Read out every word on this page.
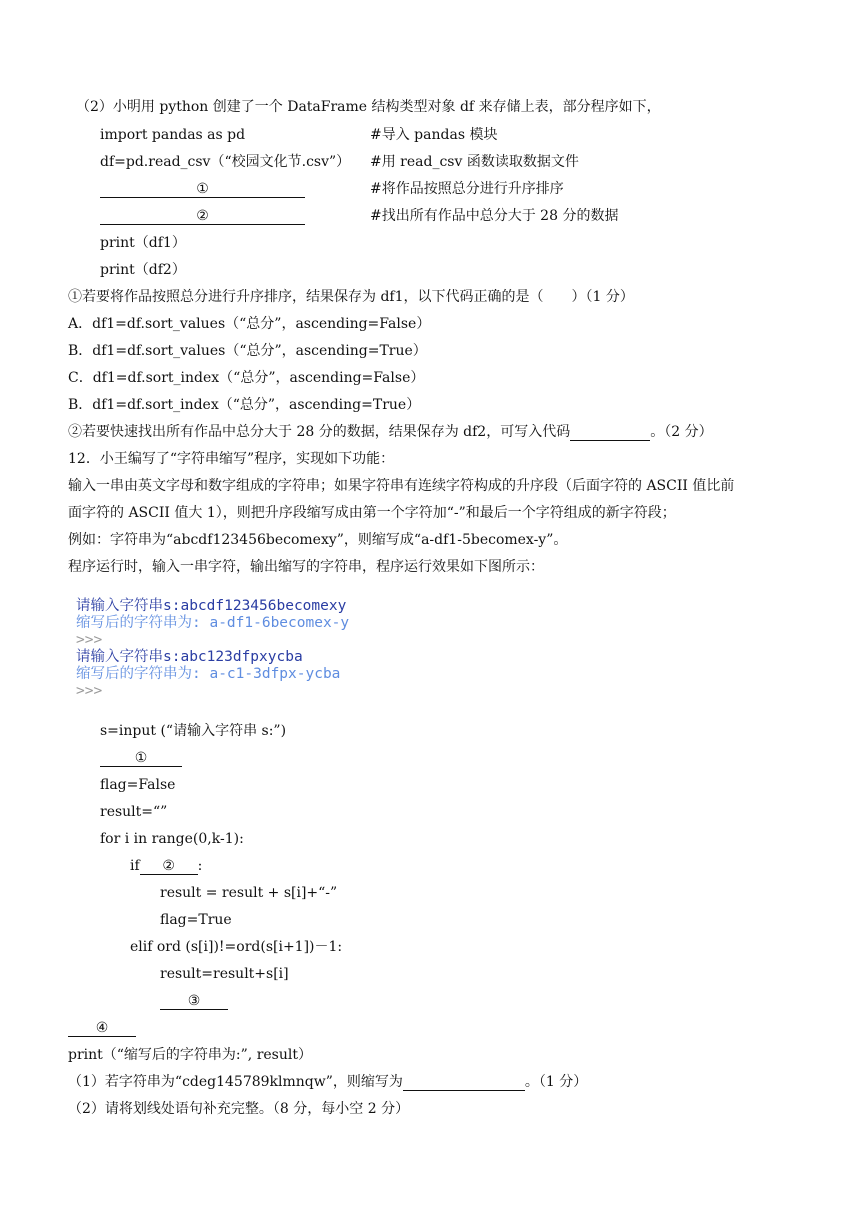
（2）小明用 python 创建了一个 DataFrame 结构类型对象 df 来存储上表，部分程序如下，
import pandas as pd	#导入 pandas 模块
df=pd.read_csv（“校园文化节.csv”） #用 read_csv 函数读取数据文件
①	#将作品按照总分进行升序排序
②	#找出所有作品中总分大于 28 分的数据
print（df1）
print（df2）
①若要将作品按照总分进行升序排序，结果保存为 df1，以下代码正确的是（　　）（1 分）
A．df1=df.sort_values（“总分”，ascending=False）
B．df1=df.sort_values（“总分”，ascending=True）
C．df1=df.sort_index（“总分”，ascending=False）
B．df1=df.sort_index（“总分”，ascending=True）
②若要快速找出所有作品中总分大于 28 分的数据，结果保存为 df2，可写入代码	。（2 分）
12．小王编写了“字符串缩写”程序，实现如下功能：
输入一串由英文字母和数字组成的字符串；如果字符串有连续字符构成的升序段（后面字符的 ASCII 值比前
面字符的 ASCII 值大 1），则把升序段缩写成由第一个字符加“-”和最后一个字符组成的新字符段；
例如：字符串为“abcdf123456becomexy”，则缩写成“a-df1-5becomex-y”。
程序运行时，输入一串字符，输出缩写的字符串，程序运行效果如下图所示：
请输入字符串s:abcdf123456becomexy
缩写后的字符串为: a-df1-6becomex-y
>>>
请输入字符串s:abc123dfpxycba
缩写后的字符串为: a-c1-3dfpx-ycba
>>>
s=input (“请输入字符串 s:”)
①
flag=False
result=“”
for i in range(0,k-1):
if ② :
result = result + s[i]+“-”
flag=True
elif ord (s[i])!=ord(s[i+1])－1:
result=result+s[i]
③
④
print（“缩写后的字符串为:”, result）
（1）若字符串为“cdeg145789klmnqw”，则缩写为	。（1 分）
（2）请将划线处语句补充完整。（8 分，每小空 2 分）
